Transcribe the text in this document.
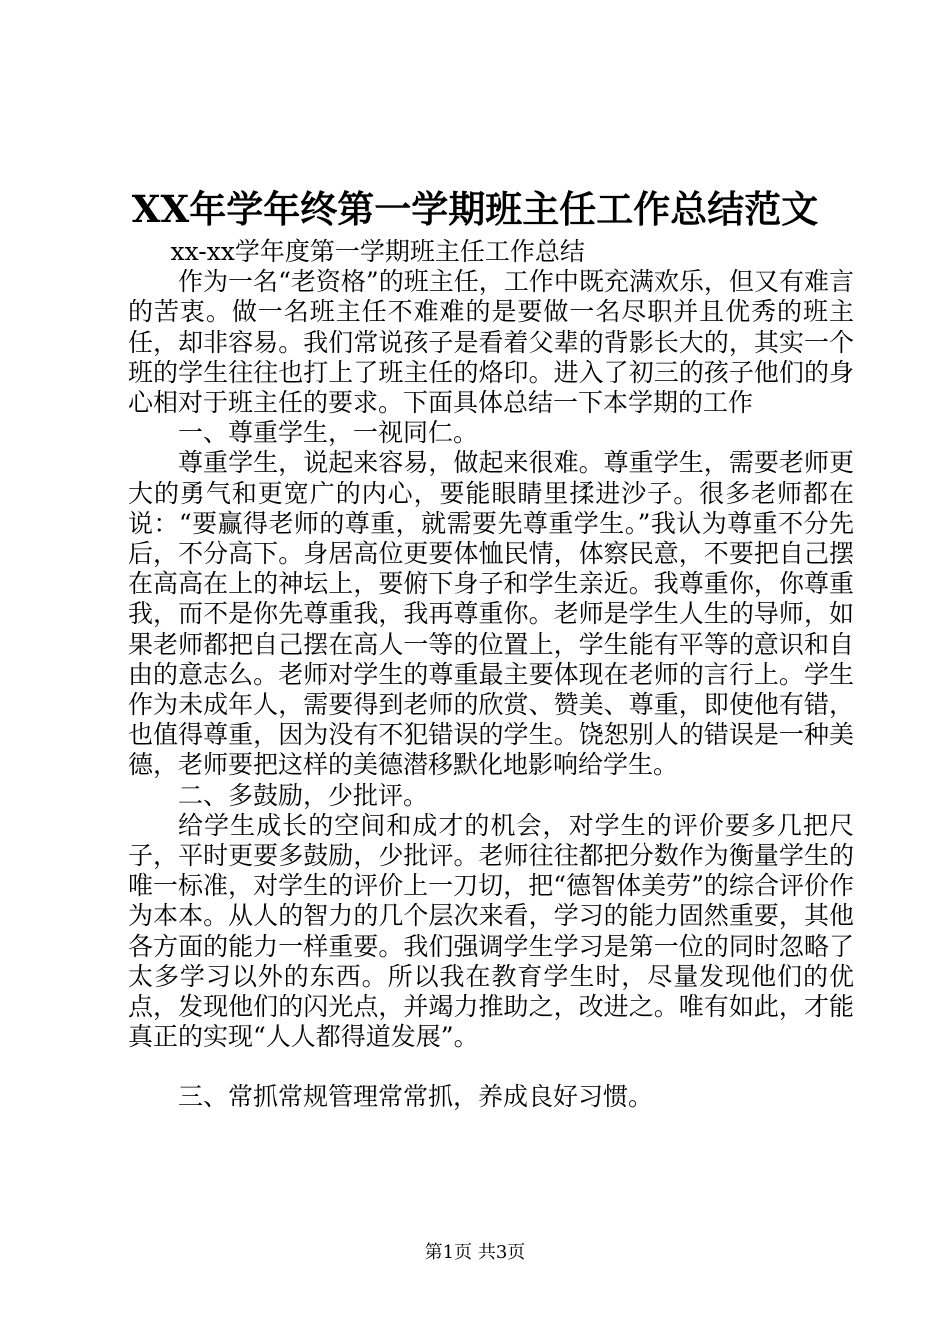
XX年学年终第一学期班主任工作总结范文

xx-xx学年度第一学期班主任工作总结

作为一名“老资格”的班主任，工作中既充满欢乐，但又有难言的苦衷。做一名班主任不难难的是要做一名尽职并且优秀的班主任，却非容易。我们常说孩子是看着父辈的背影长大的，其实一个班的学生往往也打上了班主任的烙印。进入了初三的孩子他们的身心相对于班主任的要求。下面具体总结一下本学期的工作

一、尊重学生，一视同仁。

尊重学生，说起来容易，做起来很难。尊重学生，需要老师更大的勇气和更宽广的内心，要能眼睛里揉进沙子。很多老师都在说：“要赢得老师的尊重，就需要先尊重学生。”我认为尊重不分先后，不分高下。身居高位更要体恤民情，体察民意，不要把自己摆在高高在上的神坛上，要俯下身子和学生亲近。我尊重你，你尊重我，而不是你先尊重我，我再尊重你。老师是学生人生的导师，如果老师都把自己摆在高人一等的位置上，学生能有平等的意识和自由的意志么。老师对学生的尊重最主要体现在老师的言行上。学生作为未成年人，需要得到老师的欣赏、赞美、尊重，即使他有错，也值得尊重，因为没有不犯错误的学生。饶恕别人的错误是一种美德，老师要把这样的美德潜移默化地影响给学生。

二、多鼓励，少批评。

给学生成长的空间和成才的机会，对学生的评价要多几把尺子，平时更要多鼓励，少批评。老师往往都把分数作为衡量学生的唯一标准，对学生的评价上一刀切，把“德智体美劳”的综合评价作为本本。从人的智力的几个层次来看，学习的能力固然重要，其他各方面的能力一样重要。我们强调学生学习是第一位的同时忽略了太多学习以外的东西。所以我在教育学生时，尽量发现他们的优点，发现他们的闪光点，并竭力推助之，改进之。唯有如此，才能真正的实现“人人都得道发展”。

三、常抓常规管理常常抓，养成良好习惯。

第1页 共3页
